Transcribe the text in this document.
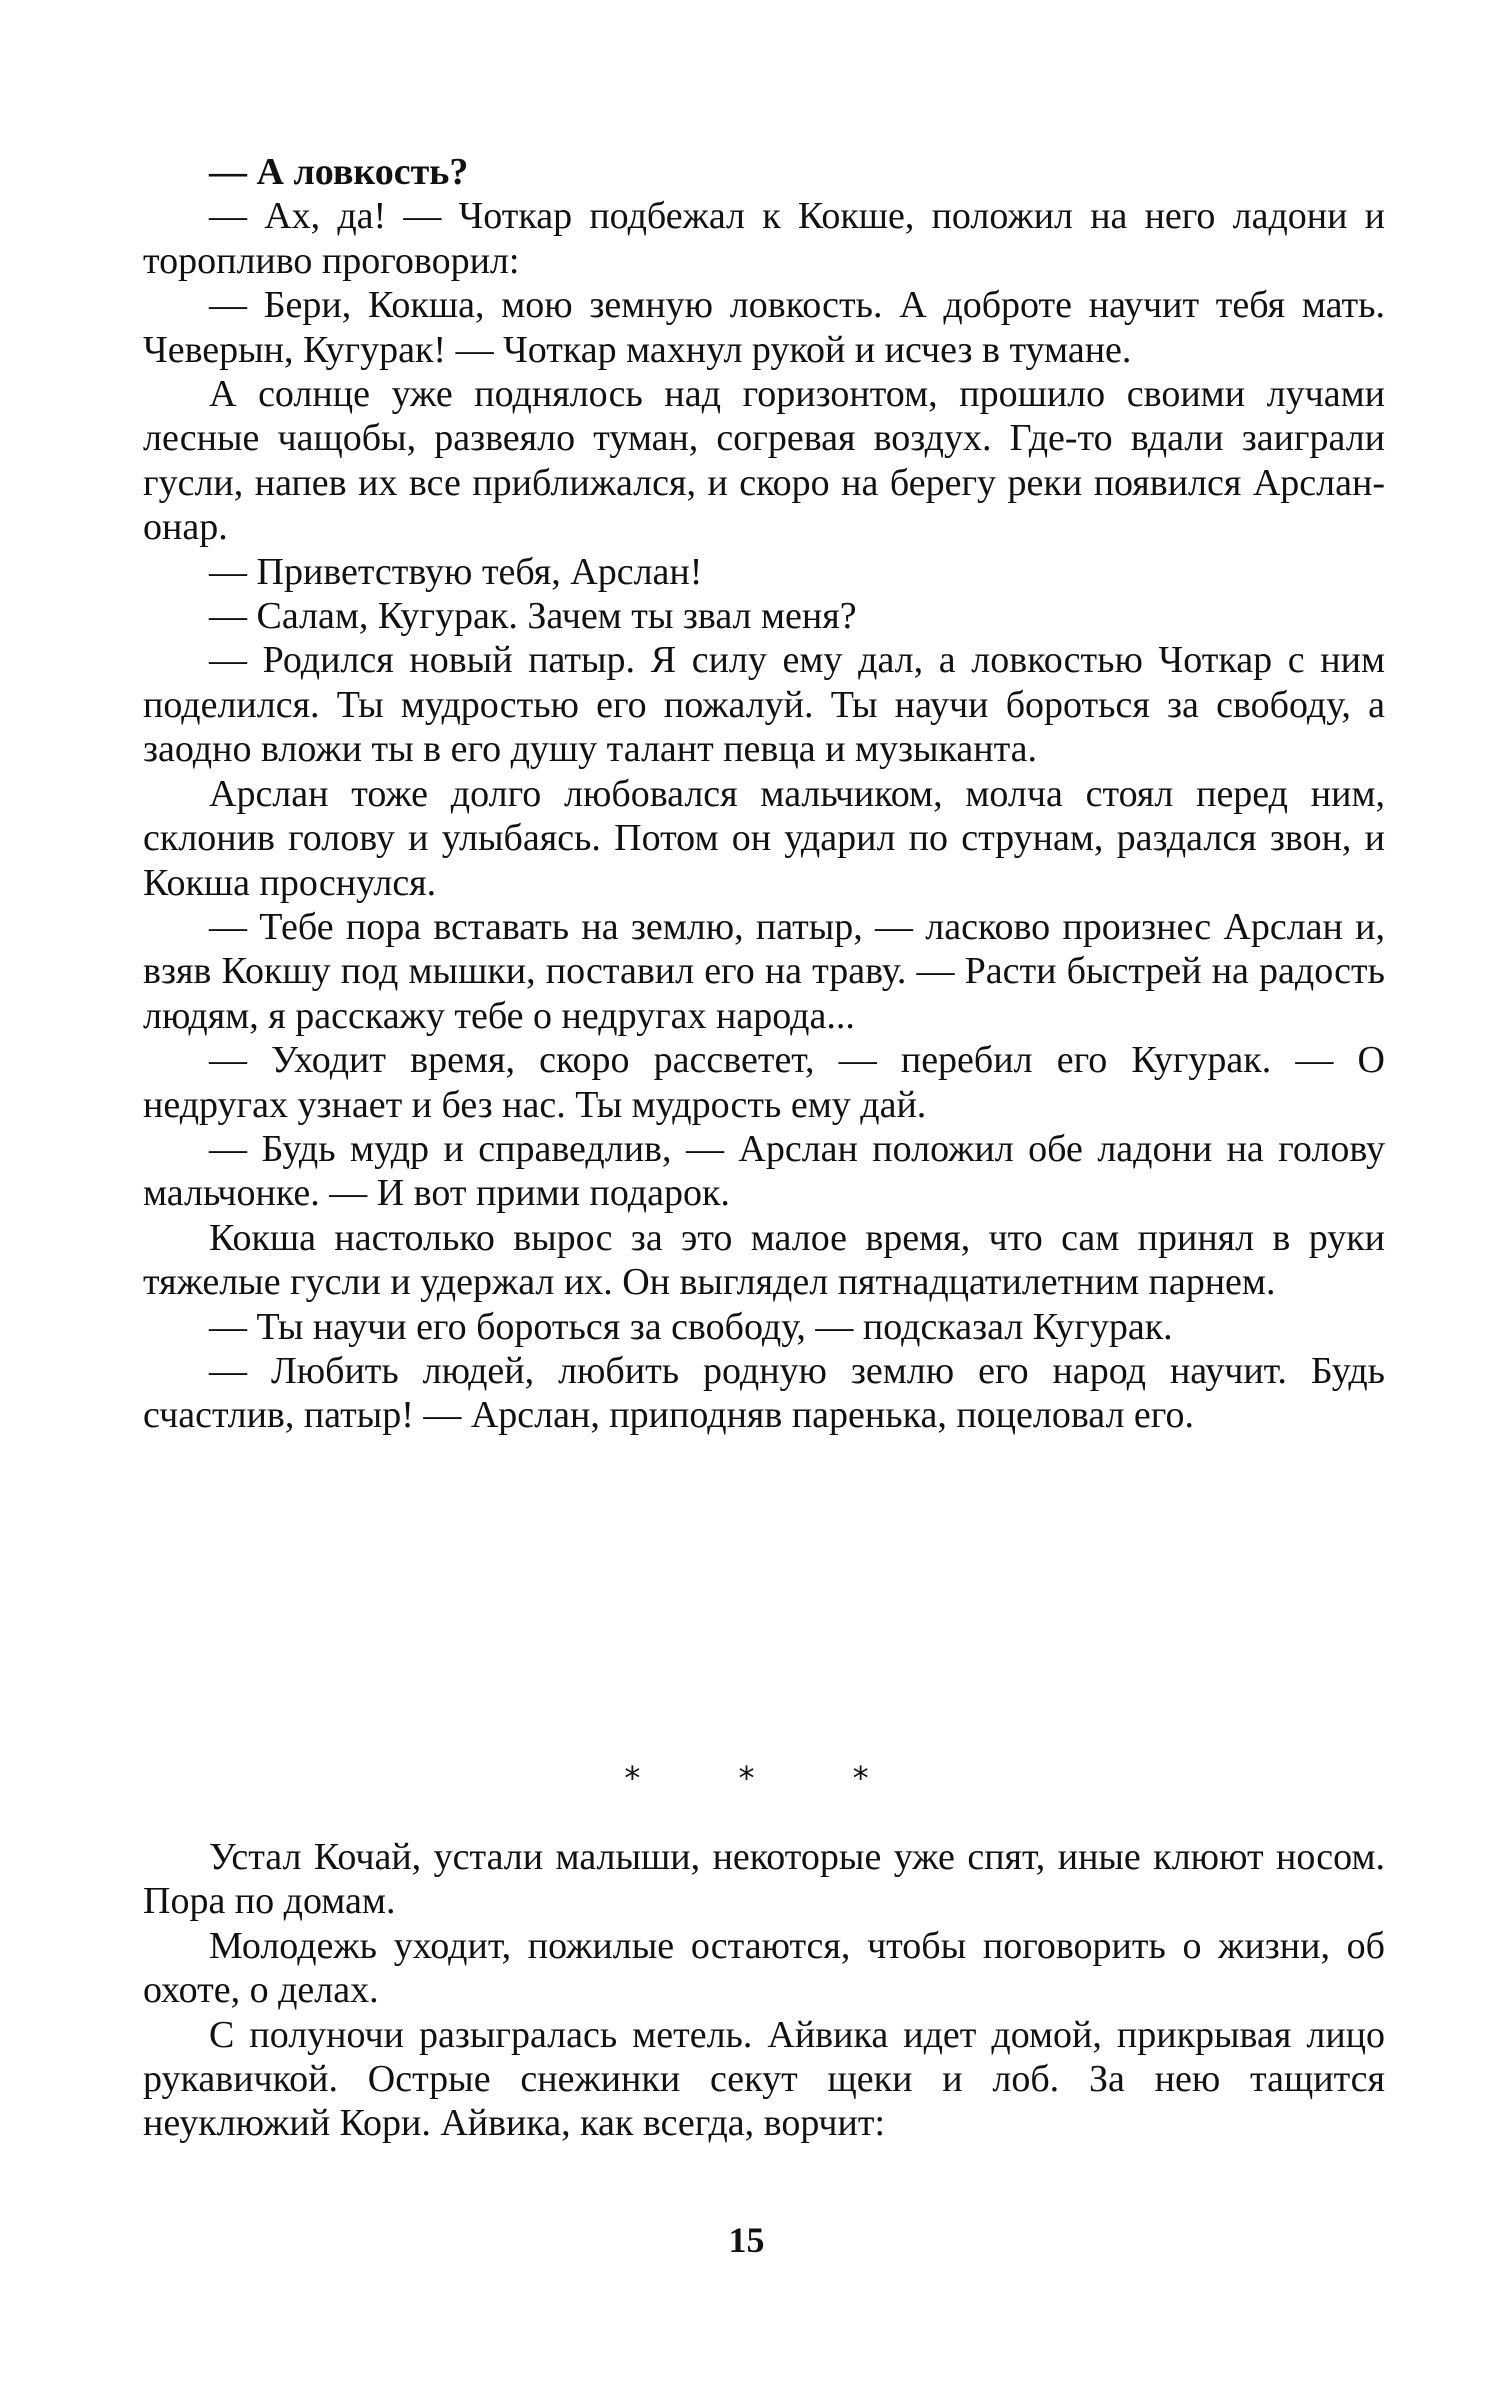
— А ловкость?

— Ах, да! — Чоткар подбежал к Кокше, положил на него ладони и торопливо проговорил:

— Бери, Кокша, мою земную ловкость. А доброте научит тебя мать. Чеверын, Кугурак! — Чоткар махнул рукой и исчез в тумане.

А солнце уже поднялось над горизонтом, прошило своими лучами лесные чащобы, развеяло туман, согревая воздух. Где-то вдали заиграли гусли, напев их все приближался, и скоро на берегу реки появился Арслан-онар.

— Приветствую тебя, Арслан!

— Салам, Кугурак. Зачем ты звал меня?

— Родился новый патыр. Я силу ему дал, а ловкостью Чоткар с ним поделился. Ты мудростью его пожалуй. Ты научи бороться за свободу, а заодно вложи ты в его душу талант певца и музыканта.

Арслан тоже долго любовался мальчиком, молча стоял перед ним, склонив голову и улыбаясь. Потом он ударил по струнам, раздался звон, и Кокша проснулся.

— Тебе пора вставать на землю, патыр, — ласково произнес Арслан и, взяв Кокшу под мышки, поставил его на траву. — Расти быстрей на радость людям, я расскажу тебе о недругах народа...

— Уходит время, скоро рассветет, — перебил его Кугурак. — О недругах узнает и без нас. Ты мудрость ему дай.

— Будь мудр и справедлив, — Арслан положил обе ладони на голову мальчонке. — И вот прими подарок.

Кокша настолько вырос за это малое время, что сам принял в руки тяжелые гусли и удержал их. Он выглядел пятнадцатилетним парнем.

— Ты научи его бороться за свободу, — подсказал Кугурак.

— Любить людей, любить родную землю его народ научит. Будь счастлив, патыр! — Арслан, приподняв паренька, поцеловал его.

* * *

Устал Кочай, устали малыши, некоторые уже спят, иные клюют носом. Пора по домам.

Молодежь уходит, пожилые остаются, чтобы поговорить о жизни, об охоте, о делах.

С полуночи разыгралась метель. Айвика идет домой, прикрывая лицо рукавичкой. Острые снежинки секут щеки и лоб. За нею тащится неуклюжий Кори. Айвика, как всегда, ворчит:

15
